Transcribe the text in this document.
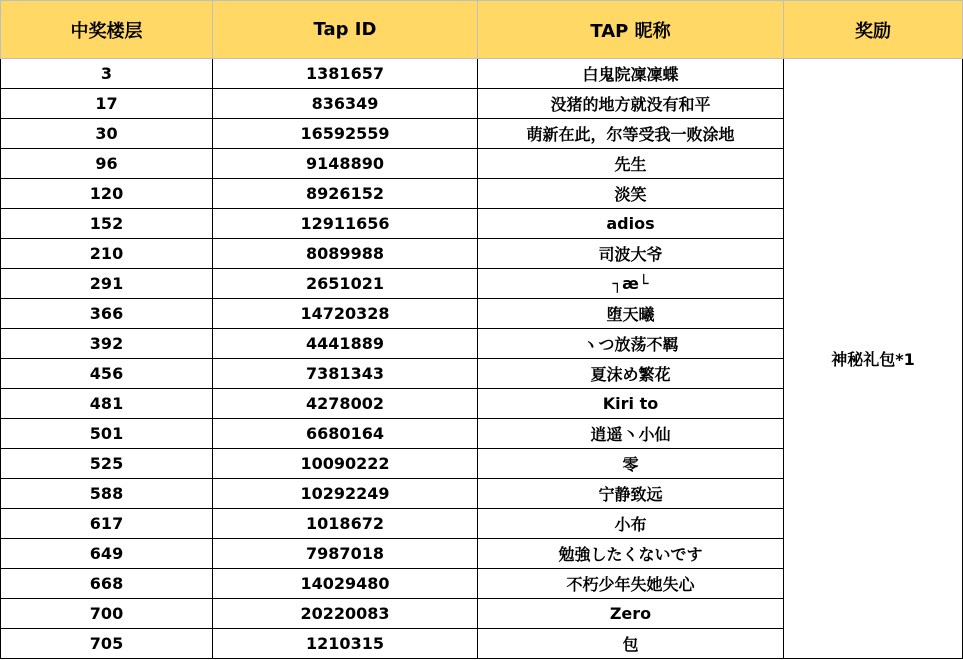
中奖楼层	Tap ID	TAP 昵称	奖励
3	1381657	白鬼院凜凜蝶	神秘礼包*1
17	836349	没猪的地方就没有和平	
30	16592559	萌新在此，尔等受我一败涂地	
96	9148890	先生	
120	8926152	淡笑	
152	12911656	adios	
210	8089988	司波大爷	
291	2651021	┐æ└	
366	14720328	堕天曦	
392	4441889	ヽつ放荡不羁	
456	7381343	夏沫め繁花	
481	4278002	Kiri to	
501	6680164	逍遥丶小仙	
525	10090222	零	
588	10292249	宁静致远	
617	1018672	小布	
649	7987018	勉強したくないです	
668	14029480	不朽少年失她失心	
700	20220083	Zero	
705	1210315	包	
